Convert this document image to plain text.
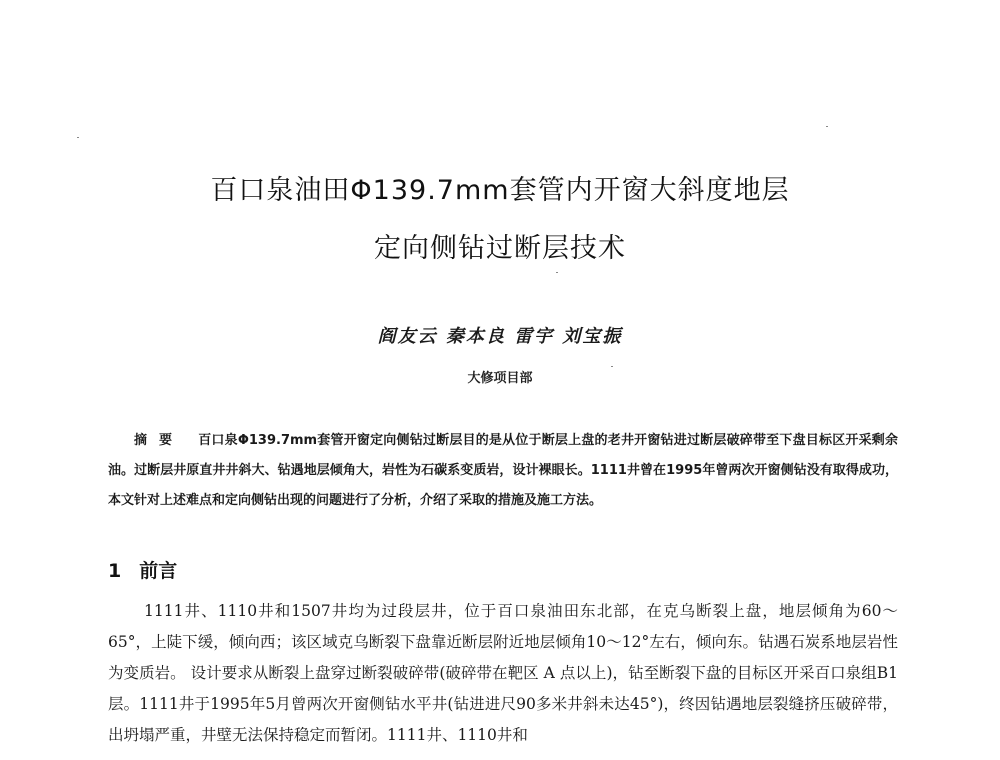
百口泉油田Φ139.7mm套管内开窗大斜度地层
定向侧钻过断层技术
阎友云 秦本良 雷宇 刘宝振
大修项目部
摘要 百口泉Φ139.7mm套管开窗定向侧钻过断层目的是从位于断层上盘的老井开窗钻进过断层破碎带至下盘目标区开采剩余油。过断层井原直井井斜大、钻遇地层倾角大，岩性为石碳系变质岩，设计裸眼长。1111井曾在1995年曾两次开窗侧钻没有取得成功，本文针对上述难点和定向侧钻出现的问题进行了分析，介绍了采取的措施及施工方法。
1 前言
1111井、1110井和1507井均为过段层井，位于百口泉油田东北部，在克乌断裂上盘，地层倾角为60～65°，上陡下缓，倾向西；该区域克乌断裂下盘靠近断层附近地层倾角10～12°左右，倾向东。钻遇石炭系地层岩性为变质岩。 设计要求从断裂上盘穿过断裂破碎带(破碎带在靶区 A 点以上)，钻至断裂下盘的目标区开采百口泉组B1层。1111井于1995年5月曾两次开窗侧钻水平井(钻进进尺90多米井斜未达45°)，终因钻遇地层裂缝挤压破碎带，出坍塌严重，井壁无法保持稳定而暂闭。1111井、1110井和
